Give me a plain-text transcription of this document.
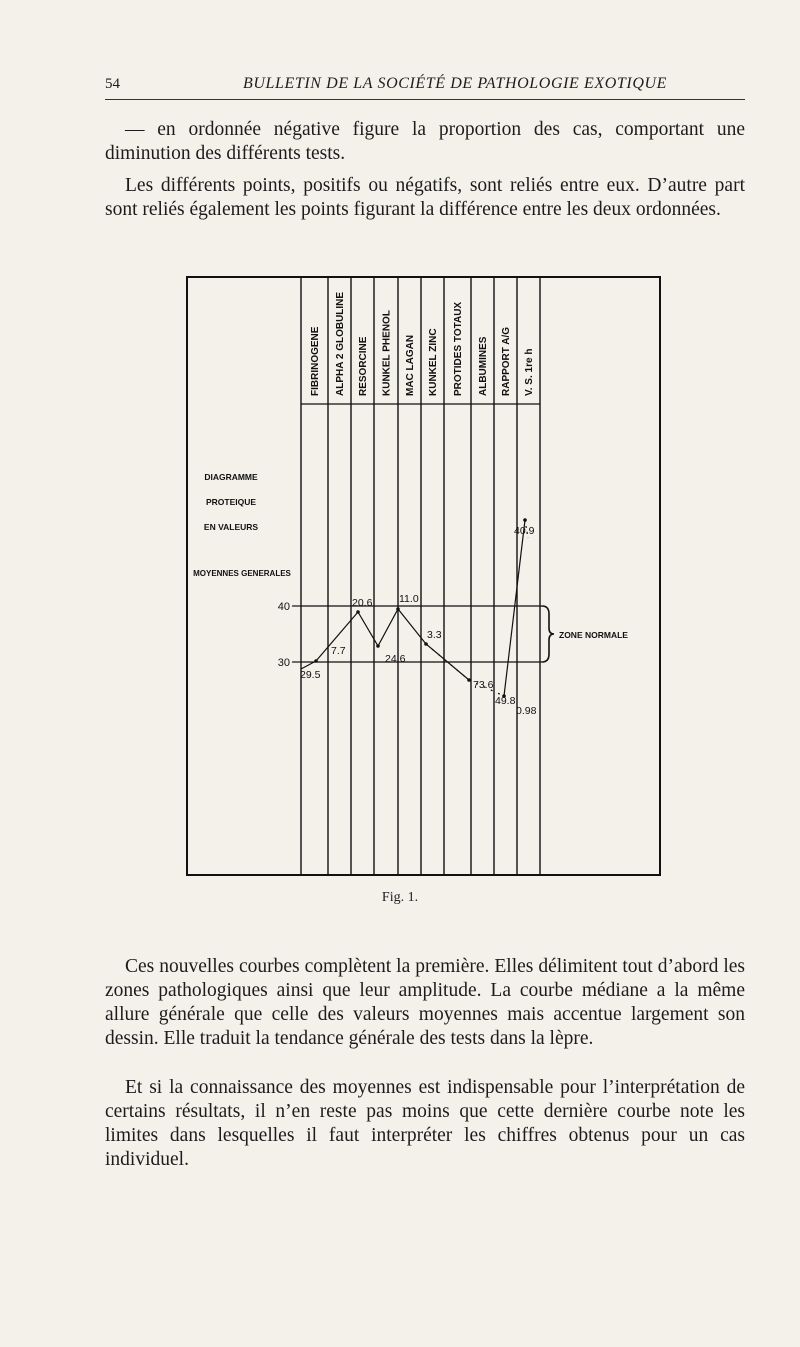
54	BULLETIN DE LA SOCIÉTÉ DE PATHOLOGIE EXOTIQUE

— en ordonnée négative figure la proportion des cas, comportant une diminution des différents tests.

Les différents points, positifs ou négatifs, sont reliés entre eux. D’autre part sont reliés également les points figurant la différence entre les deux ordonnées.

FIBRINOGENE ALPHA 2 GLOBULINE RESORCINE KUNKEL PHENOL MAC LAGAN KUNKEL ZINC PROTIDES TOTAUX ALBUMINES RAPPORT A/G V. S. 1re h
DIAGRAMME
PROTEIQUE
EN VALEURS
MOYENNES GENERALES
40
30
29.5
7.7
20.6
24.6
11.0
3.3
73.6
49.8
0.98
40.9
ZONE NORMALE
Fig. 1.

Ces nouvelles courbes complètent la première. Elles délimitent tout d’abord les zones pathologiques ainsi que leur amplitude. La courbe médiane a la même allure générale que celle des valeurs moyennes mais accentue largement son dessin. Elle traduit la tendance générale des tests dans la lèpre.

Et si la connaissance des moyennes est indispensable pour l’interprétation de certains résultats, il n’en reste pas moins que cette dernière courbe note les limites dans lesquelles il faut interpréter les chiffres obtenus pour un cas individuel.
